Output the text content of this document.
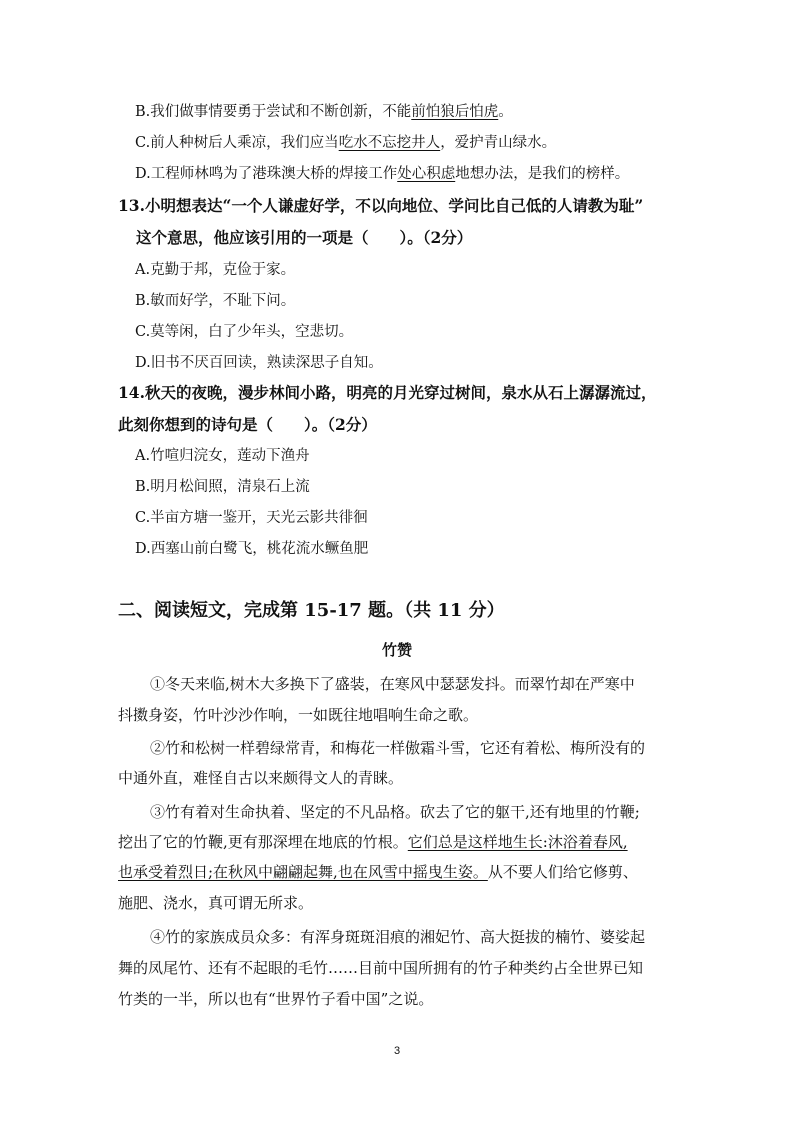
B.我们做事情要勇于尝试和不断创新，不能前怕狼后怕虎。
C.前人种树后人乘凉，我们应当吃水不忘挖井人，爱护青山绿水。
D.工程师林鸣为了港珠澳大桥的焊接工作处心积虑地想办法，是我们的榜样。
13.小明想表达“一个人谦虚好学，不以向地位、学问比自己低的人请教为耻”
这个意思，他应该引用的一项是（　　）。（2分）
A.克勤于邦，克俭于家。
B.敏而好学，不耻下问。
C.莫等闲，白了少年头，空悲切。
D.旧书不厌百回读，熟读深思子自知。
14.秋天的夜晚，漫步林间小路，明亮的月光穿过树间，泉水从石上潺潺流过，
此刻你想到的诗句是（　　）。（2分）
A.竹喧归浣女，莲动下渔舟
B.明月松间照，清泉石上流
C.半亩方塘一鉴开，天光云影共徘徊
D.西塞山前白鹭飞，桃花流水鳜鱼肥
二、阅读短文，完成第 15-17 题。（共 11 分）
竹赞
①冬天来临,树木大多换下了盛装，在寒风中瑟瑟发抖。而翠竹却在严寒中
抖擞身姿，竹叶沙沙作响，一如既往地唱响生命之歌。
②竹和松树一样碧绿常青，和梅花一样傲霜斗雪，它还有着松、梅所没有的
中通外直，难怪自古以来颇得文人的青睐。
③竹有着对生命执着、坚定的不凡品格。砍去了它的躯干,还有地里的竹鞭;
挖出了它的竹鞭,更有那深埋在地底的竹根。它们总是这样地生长:沐浴着春风,
也承受着烈日;在秋风中翩翩起舞,也在风雪中摇曳生姿。从不要人们给它修剪、
施肥、浇水，真可谓无所求。
④竹的家族成员众多：有浑身斑斑泪痕的湘妃竹、高大挺拔的楠竹、婆娑起
舞的凤尾竹、还有不起眼的毛竹……目前中国所拥有的竹子种类约占全世界已知
竹类的一半，所以也有“世界竹子看中国”之说。
3
